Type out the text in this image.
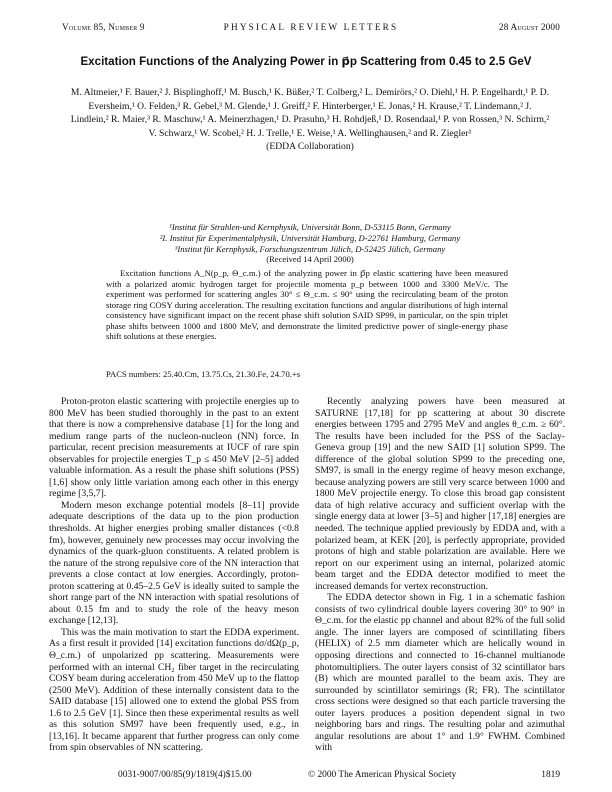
Volume 85, Number 9	PHYSICAL REVIEW LETTERS	28 August 2000
Excitation Functions of the Analyzing Power in p⃗p Scattering from 0.45 to 2.5 GeV
M. Altmeier,¹ F. Bauer,² J. Bisplinghoff,¹ M. Busch,¹ K. Büßer,² T. Colberg,² L. Demirörs,² O. Diehl,¹ H. P. Engelhardt,¹ P. D. Eversheim,¹ O. Felden,³ R. Gebel,³ M. Glende,¹ J. Greiff,² F. Hinterberger,¹ E. Jonas,² H. Krause,² T. Lindemann,² J. Lindlein,² R. Maier,³ R. Maschuw,¹ A. Meinerzhagen,¹ D. Prasuhn,³ H. Rohdjeß,¹ D. Rosendaal,¹ P. von Rossen,³ N. Schirm,² V. Schwarz,¹ W. Scobel,² H. J. Trelle,¹ E. Weise,¹ A. Wellinghausen,² and R. Ziegler¹
(EDDA Collaboration)
¹Institut für Strahlen-und Kernphysik, Universität Bonn, D-53115 Bonn, Germany
²I. Institut für Experimentalphysik, Universität Hamburg, D-22761 Hamburg, Germany
³Institut für Kernphysik, Forschungszentrum Jülich, D-52425 Jülich, Germany
(Received 14 April 2000)

Excitation functions A_N(p_p, Θ_c.m.) of the analyzing power in p⃗p elastic scattering have been measured with a polarized atomic hydrogen target for projectile momenta p_p between 1000 and 3300 MeV/c. The experiment was performed for scattering angles 30° ≤ Θ_c.m. ≤ 90° using the recirculating beam of the proton storage ring COSY during acceleration. The resulting excitation functions and angular distributions of high internal consistency have significant impact on the recent phase shift solution SAID SP99, in particular, on the spin triplet phase shifts between 1000 and 1800 MeV, and demonstrate the limited predictive power of single-energy phase shift solutions at these energies.

PACS numbers: 25.40.Cm, 13.75.Cs, 21.30.Fe, 24.70.+s

Proton-proton elastic scattering with projectile energies up to 800 MeV has been studied thoroughly in the past to an extent that there is now a comprehensive database [1] for the long and medium range parts of the nucleon-nucleon (NN) force. In particular, recent precision measurements at IUCF of rare spin observables for projectile energies T_p ≤ 450 MeV [2–5] added valuable information. As a result the phase shift solutions (PSS) [1,6] show only little variation among each other in this energy regime [3,5,7].

Modern meson exchange potential models [8–11] provide adequate descriptions of the data up to the pion production thresholds. At higher energies probing smaller distances (<0.8 fm), however, genuinely new processes may occur involving the dynamics of the quark-gluon constituents. A related problem is the nature of the strong repulsive core of the NN interaction that prevents a close contact at low energies. Accordingly, proton-proton scattering at 0.45–2.5 GeV is ideally suited to sample the short range part of the NN interaction with spatial resolutions of about 0.15 fm and to study the role of the heavy meson exchange [12,13].

This was the main motivation to start the EDDA experiment. As a first result it provided [14] excitation functions dσ/dΩ(p_p, Θ_c.m.) of unpolarized pp scattering. Measurements were performed with an internal CH₂ fiber target in the recirculating COSY beam during acceleration from 450 MeV up to the flattop (2500 MeV). Addition of these internally consistent data to the SAID database [15] allowed one to extend the global PSS from 1.6 to 2.5 GeV [1]. Since then these experimental results as well as this solution SM97 have been frequently used, e.g., in [13,16]. It became apparent that further progress can only come from spin observables of NN scattering.

Recently analyzing powers have been measured at SATURNE [17,18] for pp scattering at about 30 discrete energies between 1795 and 2795 MeV and angles θ_c.m. ≥ 60°. The results have been included for the PSS of the Saclay-Geneva group [19] and the new SAID [1] solution SP99. The difference of the global solution SP99 to the preceding one, SM97, is small in the energy regime of heavy meson exchange, because analyzing powers are still very scarce between 1000 and 1800 MeV projectile energy. To close this broad gap consistent data of high relative accuracy and sufficient overlap with the single energy data at lower [3–5] and higher [17,18] energies are needed. The technique applied previously by EDDA and, with a polarized beam, at KEK [20], is perfectly appropriate, provided protons of high and stable polarization are available. Here we report on our experiment using an internal, polarized atomic beam target and the EDDA detector modified to meet the increased demands for vertex reconstruction.

The EDDA detector shown in Fig. 1 in a schematic fashion consists of two cylindrical double layers covering 30° to 90° in Θ_c.m. for the elastic pp channel and about 82% of the full solid angle. The inner layers are composed of scintillating fibers (HELIX) of 2.5 mm diameter which are helically wound in opposing directions and connected to 16-channel multianode photomultipliers. The outer layers consist of 32 scintillator bars (B) which are mounted parallel to the beam axis. They are surrounded by scintillator semirings (R; FR). The scintillator cross sections were designed so that each particle traversing the outer layers produces a position dependent signal in two neighboring bars and rings. The resulting polar and azimuthal angular resolutions are about 1° and 1.9° FWHM. Combined with

0031-9007/00/85(9)/1819(4)$15.00	© 2000 The American Physical Society	1819
